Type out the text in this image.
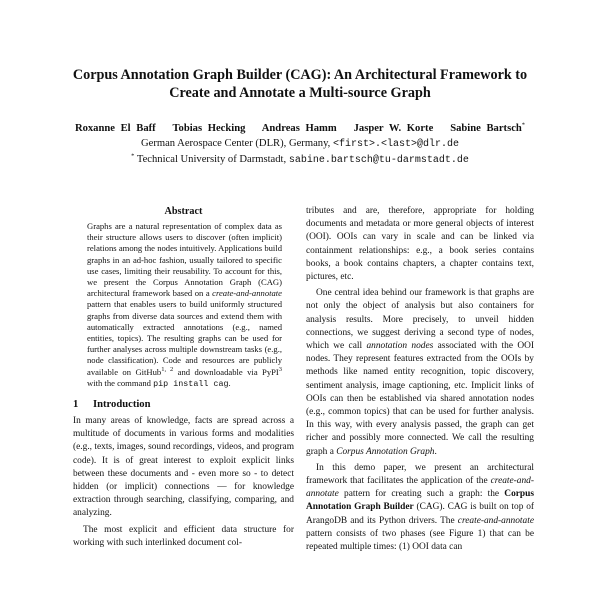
Corpus Annotation Graph Builder (CAG): An Architectural Framework to
Create and Annotate a Multi-source Graph
Roxanne El Baff   Tobias Hecking   Andreas Hamm   Jasper W. Korte   Sabine Bartsch*
German Aerospace Center (DLR), Germany, <first>.<last>@dlr.de
* Technical University of Darmstadt, sabine.bartsch@tu-darmstadt.de
Abstract

Graphs are a natural representation of complex data as their structure allows users to discover (often implicit) relations among the nodes intuitively. Applications build graphs in an ad-hoc fashion, usually tailored to specific use cases, limiting their reusability. To account for this, we present the Corpus Annotation Graph (CAG) architectural framework based on a create-and-annotate pattern that enables users to build uniformly structured graphs from diverse data sources and extend them with automatically extracted annotations (e.g., named entities, topics). The resulting graphs can be used for further analyses across multiple downstream tasks (e.g., node classification). Code and resources are publicly available on GitHub$^{1, 2}$ and downloadable via PyPI$^3$ with the command pip install cag.

1 Introduction

In many areas of knowledge, facts are spread across a multitude of documents in various forms and modalities (e.g., texts, images, sound recordings, videos, and program code). It is of great interest to exploit explicit links between these documents and - even more so - to detect hidden (or implicit) connections — for knowledge extraction through searching, classifying, comparing, and analyzing.

The most explicit and efficient data structure for working with such interlinked document col-

tributes and are, therefore, appropriate for holding documents and metadata or more general objects of interest (OOI). OOIs can vary in scale and can be linked via containment relationships: e.g., a book series contains books, a book contains chapters, a chapter contains text, pictures, etc.

One central idea behind our framework is that graphs are not only the object of analysis but also containers for analysis results. More precisely, to unveil hidden connections, we suggest deriving a second type of nodes, which we call annotation nodes associated with the OOI nodes. They represent features extracted from the OOIs by methods like named entity recognition, topic discovery, sentiment analysis, image captioning, etc. Implicit links of OOIs can then be established via shared annotation nodes (e.g., common topics) that can be used for further analysis. In this way, with every analysis passed, the graph can get richer and possibly more connected. We call the resulting graph a Corpus Annotation Graph.

In this demo paper, we present an architectural framework that facilitates the application of the create-and-annotate pattern for creating such a graph: the Corpus Annotation Graph Builder (CAG). CAG is built on top of ArangoDB and its Python drivers. The create-and-annotate pattern consists of two phases (see Figure 1) that can be repeated multiple times: (1) OOI data can
